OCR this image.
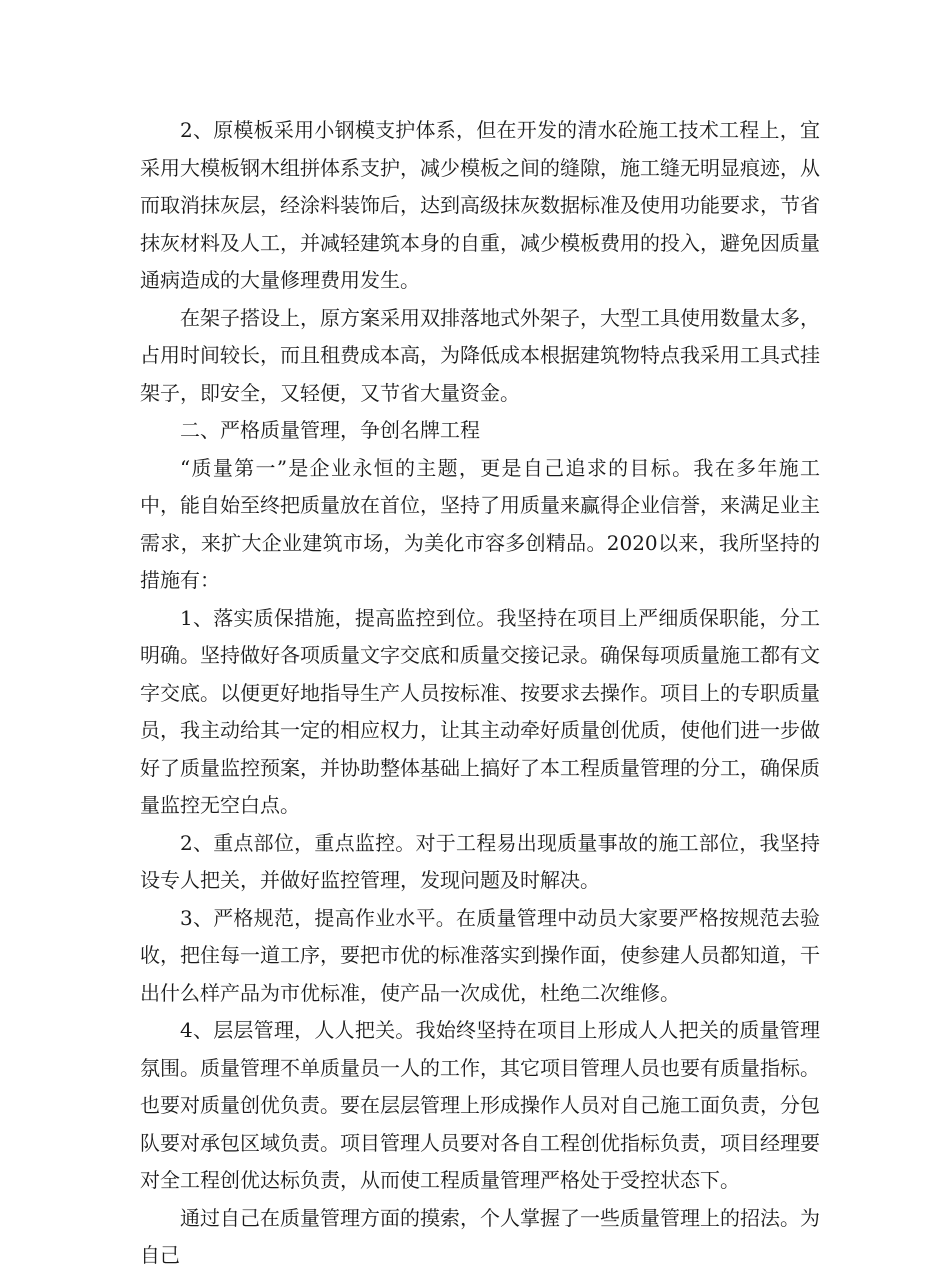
2、原模板采用小钢模支护体系，但在开发的清水砼施工技术工程上，宜采用大模板钢木组拼体系支护，减少模板之间的缝隙，施工缝无明显痕迹，从而取消抹灰层，经涂料装饰后，达到高级抹灰数据标准及使用功能要求，节省抹灰材料及人工，并减轻建筑本身的自重，减少模板费用的投入，避免因质量通病造成的大量修理费用发生。

在架子搭设上，原方案采用双排落地式外架子，大型工具使用数量太多，占用时间较长，而且租费成本高，为降低成本根据建筑物特点我采用工具式挂架子，即安全，又轻便，又节省大量资金。

二、严格质量管理，争创名牌工程

“质量第一”是企业永恒的主题，更是自己追求的目标。我在多年施工中，能自始至终把质量放在首位，坚持了用质量来赢得企业信誉，来满足业主需求，来扩大企业建筑市场，为美化市容多创精品。2020以来，我所坚持的措施有：

1、落实质保措施，提高监控到位。我坚持在项目上严细质保职能，分工明确。坚持做好各项质量文字交底和质量交接记录。确保每项质量施工都有文字交底。以便更好地指导生产人员按标准、按要求去操作。项目上的专职质量员，我主动给其一定的相应权力，让其主动牵好质量创优质，使他们进一步做好了质量监控预案，并协助整体基础上搞好了本工程质量管理的分工，确保质量监控无空白点。

2、重点部位，重点监控。对于工程易出现质量事故的施工部位，我坚持设专人把关，并做好监控管理，发现问题及时解决。

3、严格规范，提高作业水平。在质量管理中动员大家要严格按规范去验收，把住每一道工序，要把市优的标准落实到操作面，使参建人员都知道，干出什么样产品为市优标准，使产品一次成优，杜绝二次维修。

4、层层管理，人人把关。我始终坚持在项目上形成人人把关的质量管理氛围。质量管理不单质量员一人的工作，其它项目管理人员也要有质量指标。也要对质量创优负责。要在层层管理上形成操作人员对自己施工面负责，分包队要对承包区域负责。项目管理人员要对各自工程创优指标负责，项目经理要对全工程创优达标负责，从而使工程质量管理严格处于受控状态下。

通过自己在质量管理方面的摸索，个人掌握了一些质量管理上的招法。为自己
